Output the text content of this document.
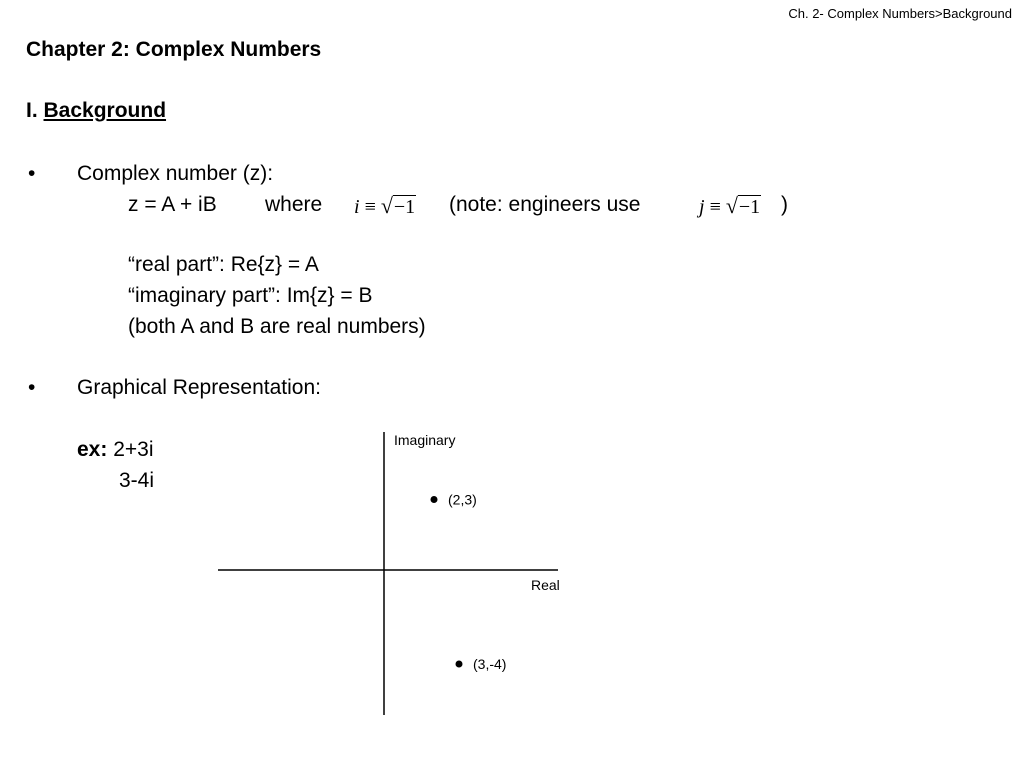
Ch. 2- Complex Numbers>Background
Chapter 2: Complex Numbers
I. Background
• Complex number (z):
z = A + iB where i ≡ √ −1 (note: engineers use	j ≡ √ −1 )
“real part”: Re{z} = A
“imaginary part”: Im{z} = B
(both A and B are real numbers)
• Graphical Representation:
ex: 2+3i
3-4i
Imaginary
Real
(2,3)
(3,-4)
